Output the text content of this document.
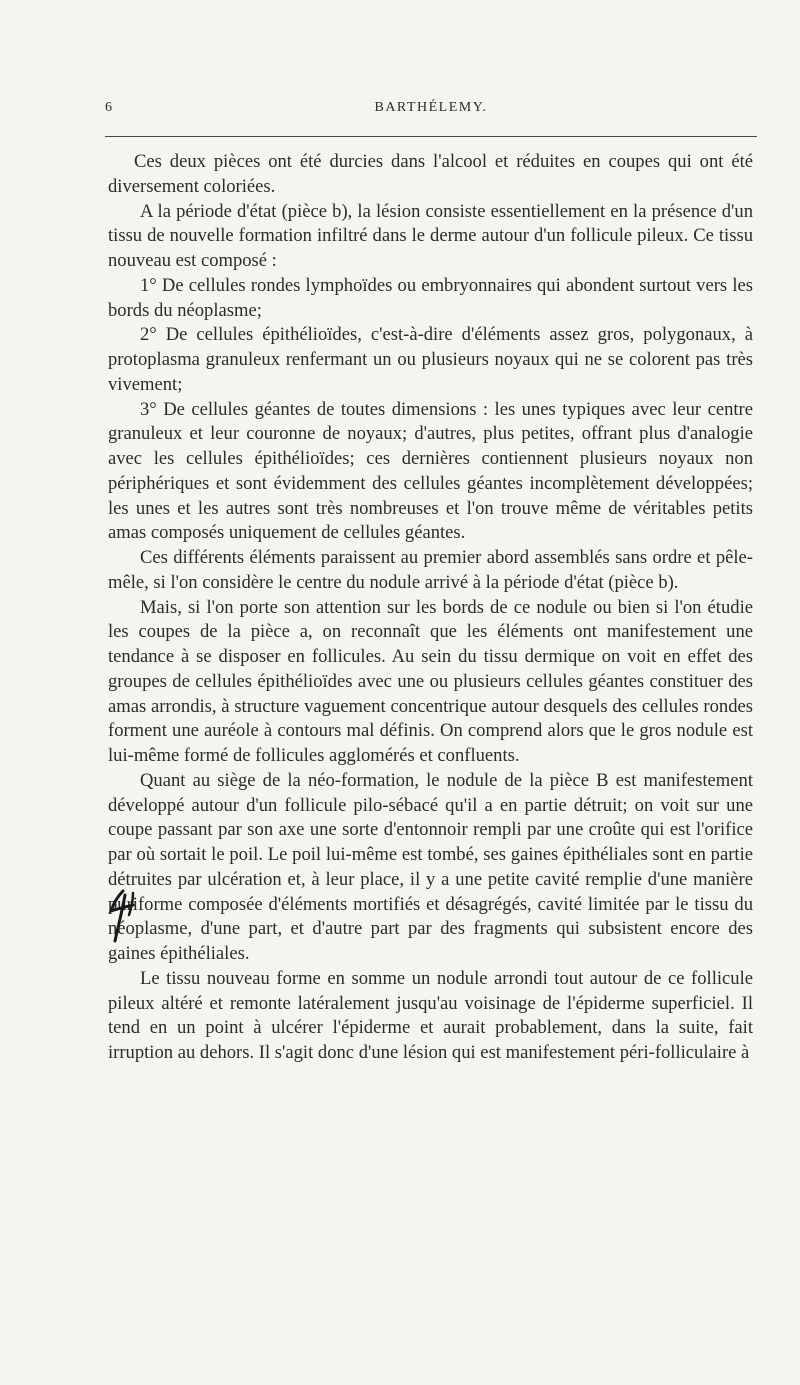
6	BARTHÉLEMY.

Ces deux pièces ont été durcies dans l'alcool et réduites en coupes qui ont été diversement coloriées.

A la période d'état (pièce b), la lésion consiste essentiellement en la présence d'un tissu de nouvelle formation infiltré dans le derme autour d'un follicule pileux. Ce tissu nouveau est composé :

1° De cellules rondes lymphoïdes ou embryonnaires qui abondent surtout vers les bords du néoplasme;

2° De cellules épithélioïdes, c'est-à-dire d'éléments assez gros, polygonaux, à protoplasma granuleux renfermant un ou plusieurs noyaux qui ne se colorent pas très vivement;

3° De cellules géantes de toutes dimensions : les unes typiques avec leur centre granuleux et leur couronne de noyaux; d'autres, plus petites, offrant plus d'analogie avec les cellules épithélioïdes; ces dernières contiennent plusieurs noyaux non périphériques et sont évidemment des cellules géantes incomplètement développées; les unes et les autres sont très nombreuses et l'on trouve même de véritables petits amas composés uniquement de cellules géantes.

Ces différents éléments paraissent au premier abord assemblés sans ordre et pêle-mêle, si l'on considère le centre du nodule arrivé à la période d'état (pièce b).

Mais, si l'on porte son attention sur les bords de ce nodule ou bien si l'on étudie les coupes de la pièce a, on reconnaît que les éléments ont manifestement une tendance à se disposer en follicules. Au sein du tissu dermique on voit en effet des groupes de cellules épithélioïdes avec une ou plusieurs cellules géantes constituer des amas arrondis, à structure vaguement concentrique autour desquels des cellules rondes forment une auréole à contours mal définis. On comprend alors que le gros nodule est lui-même formé de follicules agglomérés et confluents.

Quant au siège de la néo-formation, le nodule de la pièce B est manifestement développé autour d'un follicule pilo-sébacé qu'il a en partie détruit; on voit sur une coupe passant par son axe une sorte d'entonnoir rempli par une croûte qui est l'orifice par où sortait le poil. Le poil lui-même est tombé, ses gaines épithéliales sont en partie détruites par ulcération et, à leur place, il y a une petite cavité remplie d'une manière puriforme composée d'éléments mortifiés et désagrégés, cavité limitée par le tissu du néoplasme, d'une part, et d'autre part par des fragments qui subsistent encore des gaines épithéliales.

Le tissu nouveau forme en somme un nodule arrondi tout autour de ce follicule pileux altéré et remonte latéralement jusqu'au voisinage de l'épiderme superficiel. Il tend en un point à ulcérer l'épiderme et aurait probablement, dans la suite, fait irruption au dehors. Il s'agit donc d'une lésion qui est manifestement péri-folliculaire à
